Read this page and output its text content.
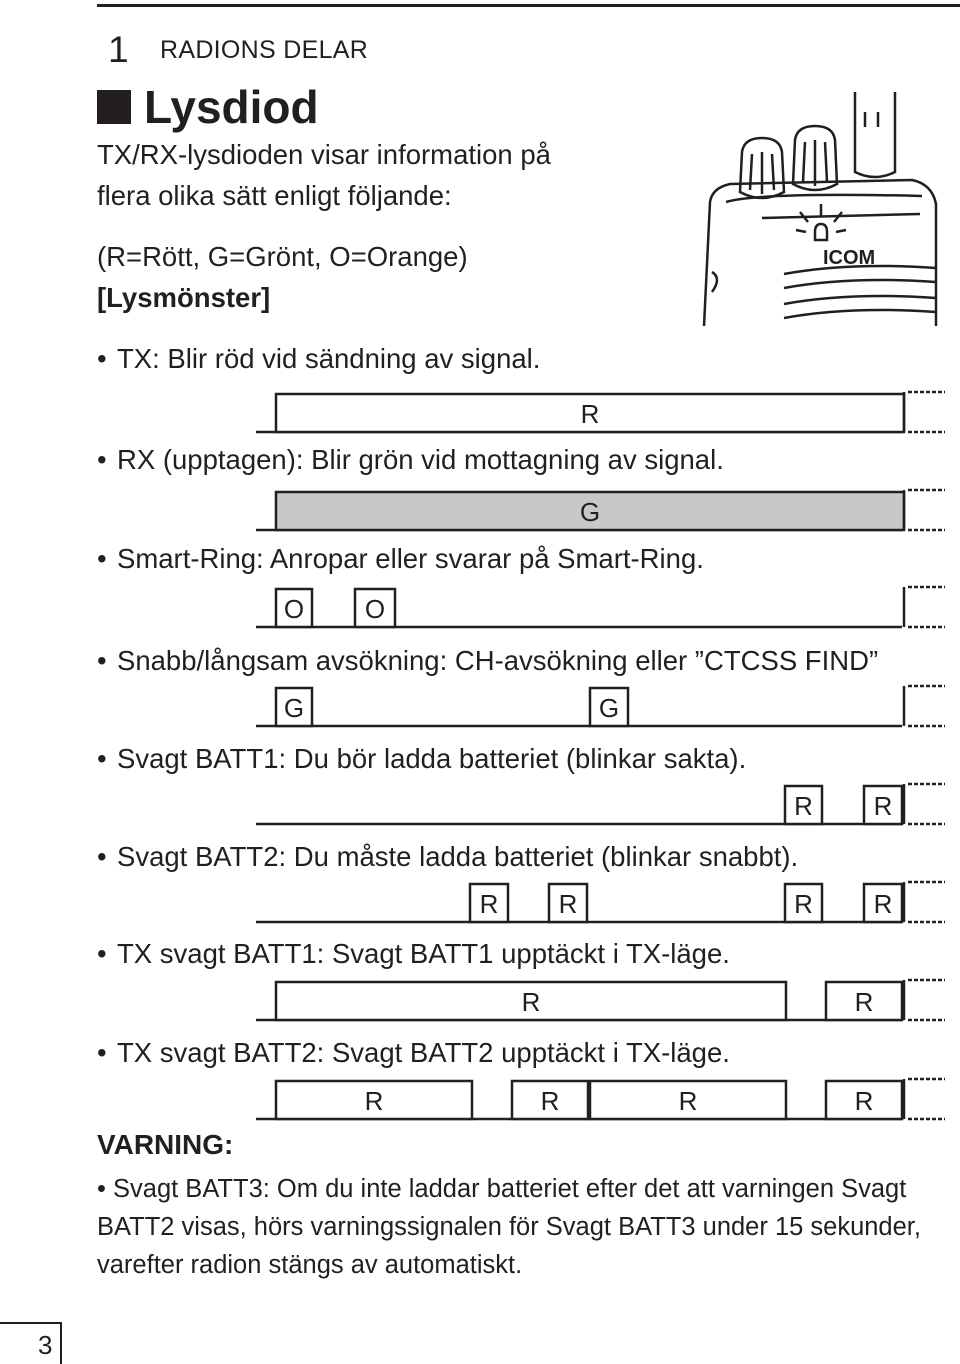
1 RADIONS DELAR
Lysdiod
TX/RX-lysdioden visar information på
flera olika sätt enligt följande:
(R=Rött, G=Grönt, O=Orange)
[Lysmönster]
ICOM
• TX: Blir röd vid sändning av signal.
R
• RX (upptagen): Blir grön vid mottagning av signal.
G
• Smart-Ring: Anropar eller svarar på Smart-Ring.
O O
• Snabb/långsam avsökning: CH-avsökning eller ”CTCSS FIND”
G	G
• Svagt BATT1: Du bör ladda batteriet (blinkar sakta).
R R
• Svagt BATT2: Du måste ladda batteriet (blinkar snabbt).
R R	R R
• TX svagt BATT1: Svagt BATT1 upptäckt i TX-läge.
R	R
• TX svagt BATT2: Svagt BATT2 upptäckt i TX-läge.
R	R	R	R
VARNING:
• Svagt BATT3: Om du inte laddar batteriet efter det att varningen Svagt BATT2 visas, hörs varningssignalen för Svagt BATT3 under 15 sekunder, varefter radion stängs av automatiskt.
3
